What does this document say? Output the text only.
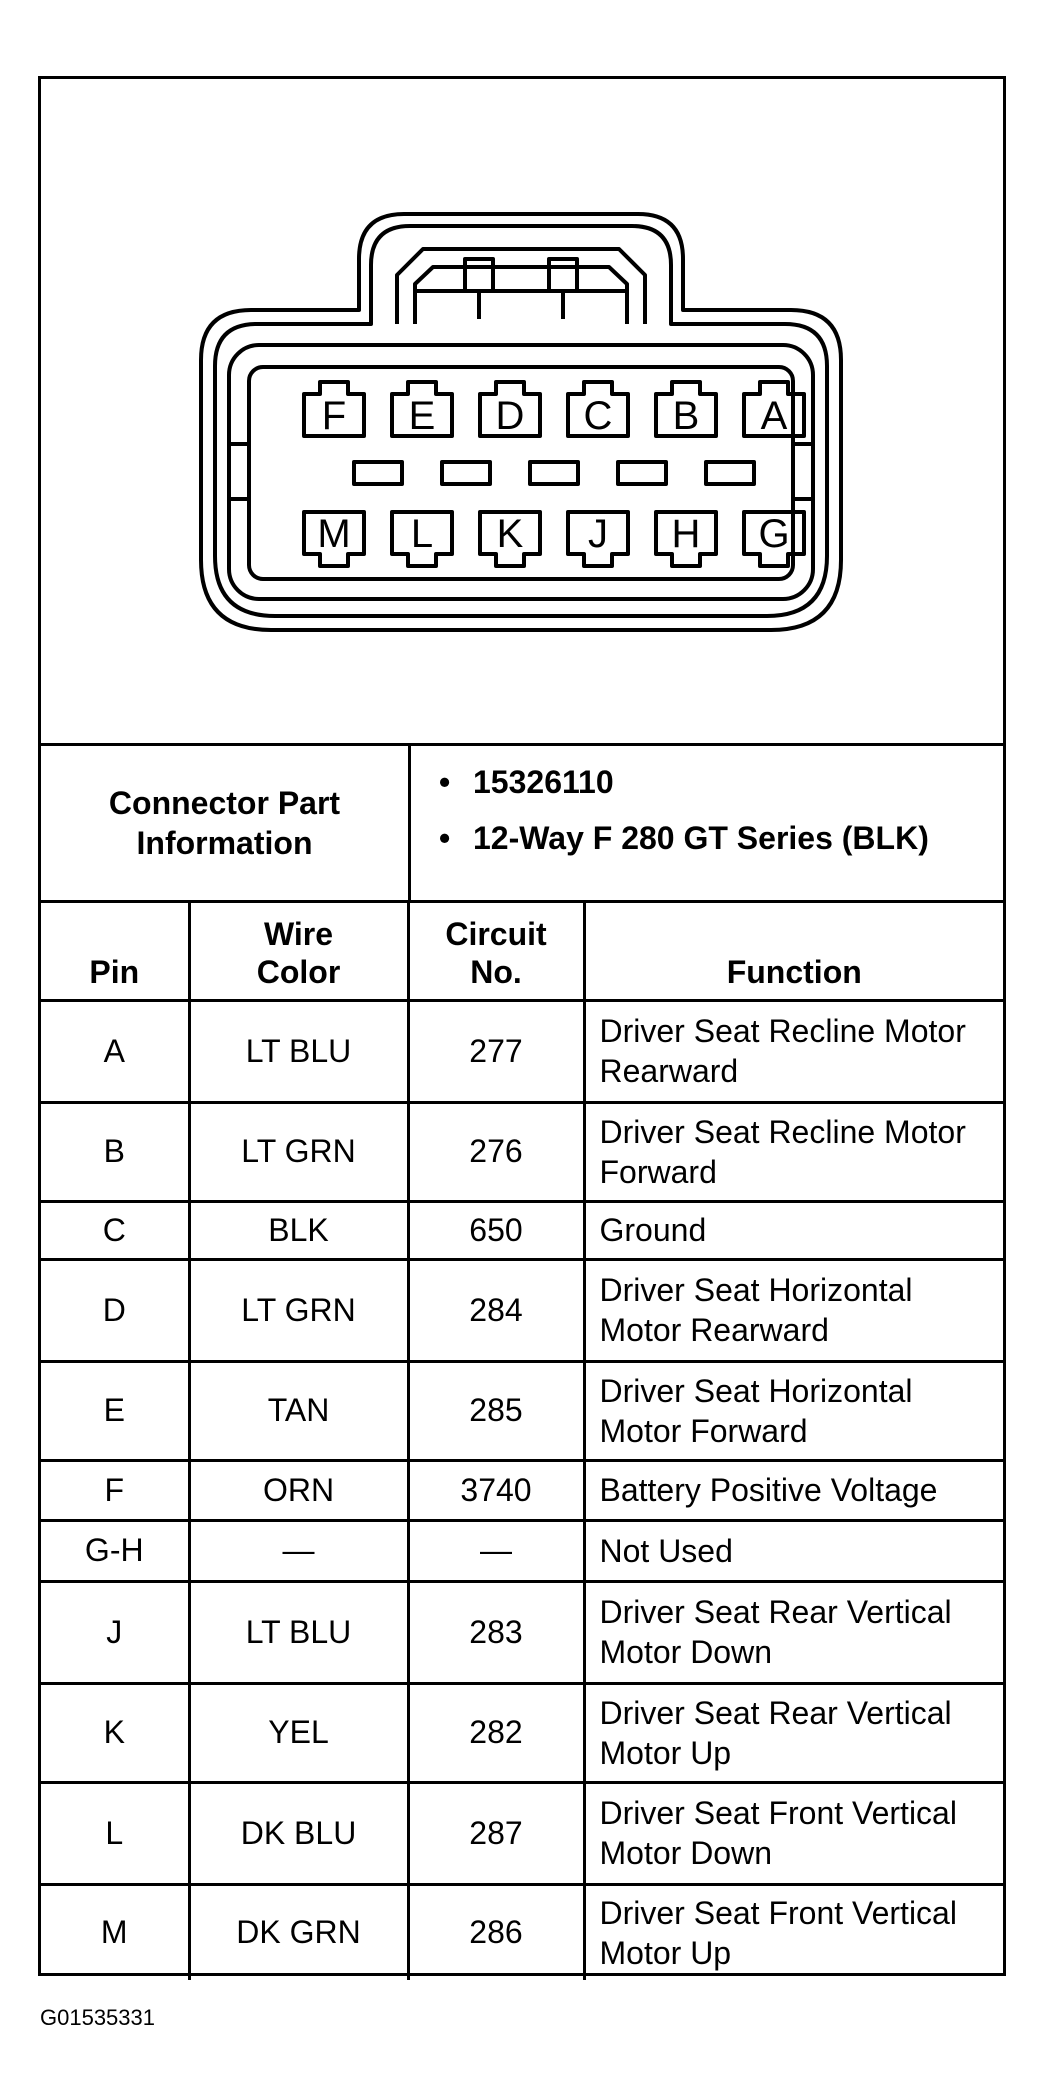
F E D C B A
M L K J H G
Connector Part Information
• 15326110
• 12-Way F 280 GT Series (BLK)
Pin	Wire Color	Circuit No.	Function
A	LT BLU	277	Driver Seat Recline Motor Rearward

B	LT GRN	276	Driver Seat Recline Motor Forward

C	BLK	650	Ground

D	LT GRN	284	Driver Seat Horizontal Motor Rearward

E	TAN	285	Driver Seat Horizontal Motor Forward

F	ORN	3740	Battery Positive Voltage

G-H	—	—	Not Used

J	LT BLU	283	Driver Seat Rear Vertical Motor Down

K	YEL	282	Driver Seat Rear Vertical Motor Up

L	DK BLU	287	Driver Seat Front Vertical Motor Down

M	DK GRN	286	Driver Seat Front Vertical Motor Up
G01535331
